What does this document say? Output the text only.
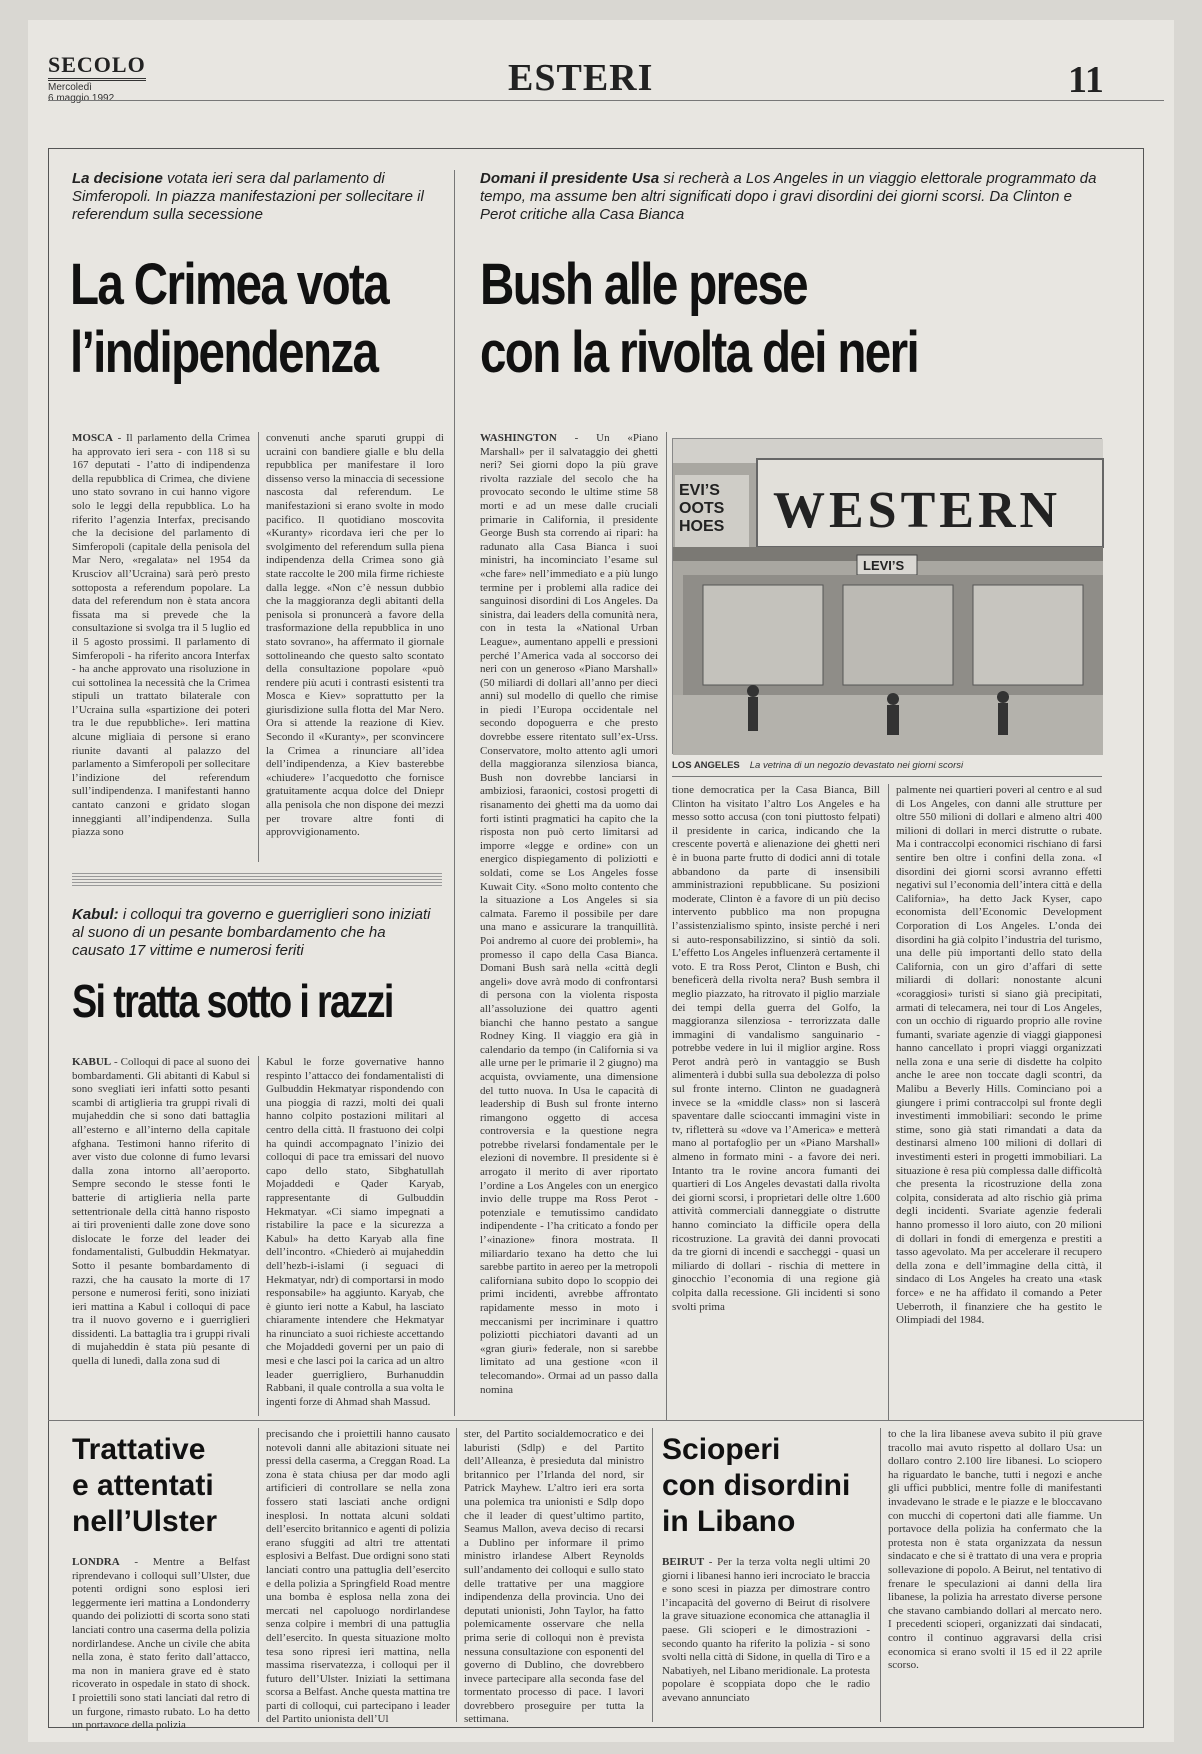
SECOLO
Mercoledì
6 maggio 1992	ESTERI	11
La decisione votata ieri sera dal parlamento di Simferopoli. In piazza manifestazioni per sollecitare il referendum sulla secessione
La Crimea vota
l’indipendenza
MOSCA - Il parlamento della Crimea ha approvato ieri sera - con 118 sì su 167 deputati - l’atto di indipendenza della repubblica di Crimea, che diviene uno stato sovrano in cui hanno vigore solo le leggi della repubblica. Lo ha riferito l’agenzia Interfax, precisando che la decisione del parlamento di Simferopoli (capitale della penisola del Mar Nero, «regalata» nel 1954 da Krusciov all’Ucraina) sarà però presto sottoposta a referendum popolare. La data del referendum non è stata ancora fissata ma si prevede che la consultazione si svolga tra il 5 luglio ed il 5 agosto prossimi. Il parlamento di Simferopoli - ha riferito ancora Interfax - ha anche approvato una risoluzione in cui sottolinea la necessità che la Crimea stipuli un trattato bilaterale con l’Ucraina sulla «spartizione dei poteri tra le due repubbliche». Ieri mattina alcune migliaia di persone si erano riunite davanti al palazzo del parlamento a Simferopoli per sollecitare l’indizione del referendum sull’indipendenza. I manifestanti hanno cantato canzoni e gridato slogan inneggianti all’indipendenza. Sulla piazza sono
convenuti anche sparuti gruppi di ucraini con bandiere gialle e blu della repubblica per manifestare il loro dissenso verso la minaccia di secessione nascosta dal referendum. Le manifestazioni si erano svolte in modo pacifico. Il quotidiano moscovita «Kuranty» ricordava ieri che per lo svolgimento del referendum sulla piena indipendenza della Crimea sono già state raccolte le 200 mila firme richieste dalla legge. «Non c’è nessun dubbio che la maggioranza degli abitanti della penisola si pronuncerà a favore della trasformazione della repubblica in uno stato sovrano», ha affermato il giornale sottolineando che questo salto scontato della consultazione popolare «può rendere più acuti i contrasti esistenti tra Mosca e Kiev» soprattutto per la giurisdizione sulla flotta del Mar Nero. Ora si attende la reazione di Kiev. Secondo il «Kuranty», per sconvincere la Crimea a rinunciare all’idea dell’indipendenza, a Kiev basterebbe «chiudere» l’acquedotto che fornisce gratuitamente acqua dolce del Dniepr alla penisola che non dispone dei mezzi per trovare altre fonti di approvvigionamento.
Domani il presidente Usa si recherà a Los Angeles in un viaggio elettorale programmato da tempo, ma assume ben altri significati dopo i gravi disordini dei giorni scorsi. Da Clinton e Perot critiche alla Casa Bianca
Bush alle prese
con la rivolta dei neri
WASHINGTON - Un «Piano Marshall» per il salvataggio dei ghetti neri? Sei giorni dopo la più grave rivolta razziale del secolo che ha provocato secondo le ultime stime 58 morti e ad un mese dalle cruciali primarie in California, il presidente George Bush sta correndo ai ripari: ha radunato alla Casa Bianca i suoi ministri, ha incominciato l’esame sul «che fare» nell’immediato e a più lungo termine per i problemi alla radice dei sanguinosi disordini di Los Angeles. Da sinistra, dai leaders della comunità nera, con in testa la «National Urban League», aumentano appelli e pressioni perché l’America vada al soccorso dei neri con un generoso «Piano Marshall» (50 miliardi di dollari all’anno per dieci anni) sul modello di quello che rimise in piedi l’Europa occidentale nel secondo dopoguerra e che presto dovrebbe essere ritentato sull’ex-Urss. Conservatore, molto attento agli umori della maggioranza silenziosa bianca, Bush non dovrebbe lanciarsi in ambiziosi, faraonici, costosi progetti di risanamento dei ghetti ma da uomo dai forti istinti pragmatici ha capito che la risposta non può certo limitarsi ad imporre «legge e ordine» con un energico dispiegamento di poliziotti e soldati, come se Los Angeles fosse Kuwait City. «Sono molto contento che la situazione a Los Angeles si sia calmata. Faremo il possibile per dare una mano e assicurare la tranquillità. Poi andremo al cuore dei problemi», ha promesso il capo della Casa Bianca. Domani Bush sarà nella «città degli angeli» dove avrà modo di confrontarsi di persona con la violenta risposta all’assoluzione dei quattro agenti bianchi che hanno pestato a sangue Rodney King. Il viaggio era già in calendario da tempo (in California si va alle urne per le primarie il 2 giugno) ma acquista, ovviamente, una dimensione del tutto nuova. In Usa le capacità di leadership di Bush sul fronte interno rimangono oggetto di accesa controversia e la questione negra potrebbe rivelarsi fondamentale per le elezioni di novembre. Il presidente si è arrogato il merito di aver riportato l’ordine a Los Angeles con un energico invio delle truppe ma Ross Perot - potenziale e temutissimo candidato indipendente - l’ha criticato a fondo per l’«inazione» finora mostrata. Il miliardario texano ha detto che lui sarebbe partito in aereo per la metropoli californiana subito dopo lo scoppio dei primi incidenti, avrebbe affrontato rapidamente messo in moto i meccanismi per incriminare i quattro poliziotti picchiatori davanti ad un «gran giurì» federale, non si sarebbe limitato ad una gestione «con il telecomando». Ormai ad un passo dalla nomina
WESTERN
EVI’S OOTS HOES
LEVI’S
LOS ANGELES La vetrina di un negozio devastato nei giorni scorsi
tione democratica per la Casa Bianca, Bill Clinton ha visitato l’altro Los Angeles e ha messo sotto accusa (con toni piuttosto felpati) il presidente in carica, indicando che la crescente povertà e alienazione dei ghetti neri è in buona parte frutto di dodici anni di totale abbandono da parte di insensibili amministrazioni repubblicane. Su posizioni moderate, Clinton è a favore di un più deciso intervento pubblico ma non propugna l’assistenzialismo spinto, insiste perché i neri si auto-responsabilizzino, si sintiò da soli. L’effetto Los Angeles influenzerà certamente il voto. E tra Ross Perot, Clinton e Bush, chi beneficerà della rivolta nera? Bush sembra il meglio piazzato, ha ritrovato il piglio marziale dei tempi della guerra del Golfo, la maggioranza silenziosa - terrorizzata dalle immagini di vandalismo sanguinario - potrebbe vedere in lui il miglior argine. Ross Perot andrà però in vantaggio se Bush alimenterà i dubbi sulla sua debolezza di polso sul fronte interno. Clinton ne guadagnerà invece se la «middle class» non si lascerà spaventare dalle scioccanti immagini viste in tv, rifletterà su «dove va l’America» e metterà mano al portafoglio per un «Piano Marshall» almeno in formato mini - a favore dei neri. Intanto tra le rovine ancora fumanti dei quartieri di Los Angeles devastati dalla rivolta dei giorni scorsi, i proprietari delle oltre 1.600 attività commerciali danneggiate o distrutte hanno cominciato la difficile opera della ricostruzione. La gravità dei danni provocati da tre giorni di incendi e saccheggi - quasi un miliardo di dollari - rischia di mettere in ginocchio l’economia di una regione già colpita dalla recessione. Gli incidenti si sono svolti prima
palmente nei quartieri poveri al centro e al sud di Los Angeles, con danni alle strutture per oltre 550 milioni di dollari e almeno altri 400 milioni di dollari in merci distrutte o rubate. Ma i contraccolpi economici rischiano di farsi sentire ben oltre i confini della zona. «I disordini dei giorni scorsi avranno effetti negativi sul l’economia dell’intera città e della California», ha detto Jack Kyser, capo economista dell’Economic Development Corporation di Los Angeles. L’onda dei disordini ha già colpito l’industria del turismo, una delle più importanti dello stato della California, con un giro d’affari di sette miliardi di dollari: nonostante alcuni «coraggiosi» turisti si siano già precipitati, armati di telecamera, nei tour di Los Angeles, con un occhio di riguardo proprio alle rovine fumanti, svariate agenzie di viaggi giapponesi hanno cancellato i propri viaggi organizzati nella zona e una serie di disdette ha colpito anche le aree non toccate dagli scontri, da Malibu a Beverly Hills. Cominciano poi a giungere i primi contraccolpi sul fronte degli investimenti immobiliari: secondo le prime stime, sono già stati rimandati a data da destinarsi almeno 100 milioni di dollari di investimenti esteri in progetti immobiliari. La situazione è resa più complessa dalle difficoltà che presenta la ricostruzione della zona colpita, considerata ad alto rischio già prima degli incidenti. Svariate agenzie federali hanno promesso il loro aiuto, con 20 milioni di dollari in fondi di emergenza e prestiti a tasso agevolato. Ma per accelerare il recupero della zona e dell’immagine della città, il sindaco di Los Angeles ha creato una «task force» e ne ha affidato il comando a Peter Ueberroth, il finanziere che ha gestito le Olimpiadi del 1984.
Kabul: i colloqui tra governo e guerriglieri sono iniziati al suono di un pesante bombardamento che ha causato 17 vittime e numerosi feriti
Si tratta sotto i razzi
KABUL - Colloqui di pace al suono dei bombardamenti. Gli abitanti di Kabul si sono svegliati ieri infatti sotto pesanti scambi di artiglieria tra gruppi rivali di mujaheddin che si sono dati battaglia all’esterno e all’interno della capitale afghana. Testimoni hanno riferito di aver visto due colonne di fumo levarsi dalla zona intorno all’aeroporto. Sempre secondo le stesse fonti le batterie di artiglieria nella parte settentrionale della città hanno risposto ai tiri provenienti dalle zone dove sono dislocate le forze del leader dei fondamentalisti, Gulbuddin Hekmatyar. Sotto il pesante bombardamento di razzi, che ha causato la morte di 17 persone e numerosi feriti, sono iniziati ieri mattina a Kabul i colloqui di pace tra il nuovo governo e i guerriglieri dissidenti. La battaglia tra i gruppi rivali di mujaheddin è stata più pesante di quella di lunedì, dalla zona sud di
Kabul le forze governative hanno respinto l’attacco dei fondamentalisti di Gulbuddin Hekmatyar rispondendo con una pioggia di razzi, molti dei quali hanno colpito postazioni militari al centro della città. Il frastuono dei colpi ha quindi accompagnato l’inizio dei colloqui di pace tra emissari del nuovo capo dello stato, Sibghatullah Mojaddedi e Qader Karyab, rappresentante di Gulbuddin Hekmatyar. «Ci siamo impegnati a ristabilire la pace e la sicurezza a Kabul» ha detto Karyab alla fine dell’incontro. «Chiederò ai mujaheddin dell’hezb-i-islami (i seguaci di Hekmatyar, ndr) di comportarsi in modo responsabile» ha aggiunto. Karyab, che è giunto ieri notte a Kabul, ha lasciato chiaramente intendere che Hekmatyar ha rinunciato a suoi richieste accettando che Mojaddedi governi per un paio di mesi e che lasci poi la carica ad un altro leader guerrigliero, Burhanuddin Rabbani, il quale controlla a sua volta le ingenti forze di Ahmad shah Massud.
Trattative
e attentati
nell’Ulster
LONDRA - Mentre a Belfast riprendevano i colloqui sull’Ulster, due potenti ordigni sono esplosi ieri leggermente ieri mattina a Londonderry quando dei poliziotti di scorta sono stati lanciati contro una caserma della polizia nordirlandese. Anche un civile che abita nella zona, è stato ferito dall’attacco, ma non in maniera grave ed è stato ricoverato in ospedale in stato di shock. I proiettili sono stati lanciati dal retro di un furgone, rimasto rubato. Lo ha detto un portavoce della polizia
precisando che i proiettili hanno causato notevoli danni alle abitazioni situate nei pressi della caserma, a Creggan Road. La zona è stata chiusa per dar modo agli artificieri di controllare se nella zona fossero stati lasciati anche ordigni inesplosi. In nottata alcuni soldati dell’esercito britannico e agenti di polizia erano sfuggiti ad altri tre attentati esplosivi a Belfast. Due ordigni sono stati lanciati contro una pattuglia dell’esercito e della polizia a Springfield Road mentre una bomba è esplosa nella zona dei mercati nel capoluogo nordirlandese senza colpire i membri di una pattuglia dell’esercito. In questa situazione molto tesa sono ripresi ieri mattina, nella massima riservatezza, i colloqui per il futuro dell’Ulster. Iniziati la settimana scorsa a Belfast. Anche questa mattina tre parti di colloqui, cui partecipano i leader del Partito unionista dell’Ul
ster, del Partito socialdemocratico e dei laburisti (Sdlp) e del Partito dell’Alleanza, è presieduta dal ministro britannico per l’Irlanda del nord, sir Patrick Mayhew. L’altro ieri era sorta una polemica tra unionisti e Sdlp dopo che il leader di quest’ultimo partito, Seamus Mallon, aveva deciso di recarsi a Dublino per informare il primo ministro irlandese Albert Reynolds sull’andamento dei colloqui e sullo stato delle trattative per una maggiore indipendenza della provincia. Uno dei deputati unionisti, John Taylor, ha fatto polemicamente osservare che nella prima serie di colloqui non è prevista nessuna consultazione con esponenti del governo di Dublino, che dovrebbero invece partecipare alla seconda fase del tormentato processo di pace. I lavori dovrebbero proseguire per tutta la settimana.
Scioperi
con disordini
in Libano
BEIRUT - Per la terza volta negli ultimi 20 giorni i libanesi hanno ieri incrociato le braccia e sono scesi in piazza per dimostrare contro l’incapacità del governo di Beirut di risolvere la grave situazione economica che attanaglia il paese. Gli scioperi e le dimostrazioni - secondo quanto ha riferito la polizia - si sono svolti nella città di Sidone, in quella di Tiro e a Nabatiyeh, nel Libano meridionale. La protesta popolare è scoppiata dopo che le radio avevano annunciato
to che la lira libanese aveva subito il più grave tracollo mai avuto rispetto al dollaro Usa: un dollaro contro 2.100 lire libanesi. Lo sciopero ha riguardato le banche, tutti i negozi e anche gli uffici pubblici, mentre folle di manifestanti invadevano le strade e le piazze e le bloccavano con mucchi di copertoni dati alle fiamme. Un portavoce della polizia ha confermato che la protesta non è stata organizzata da nessun sindacato e che si è trattato di una vera e propria sollevazione di popolo. A Beirut, nel tentativo di frenare le speculazioni ai danni della lira libanese, la polizia ha arrestato diverse persone che stavano cambiando dollari al mercato nero. I precedenti scioperi, organizzati dai sindacati, contro il continuo aggravarsi della crisi economica si erano svolti il 15 ed il 22 aprile scorso.
